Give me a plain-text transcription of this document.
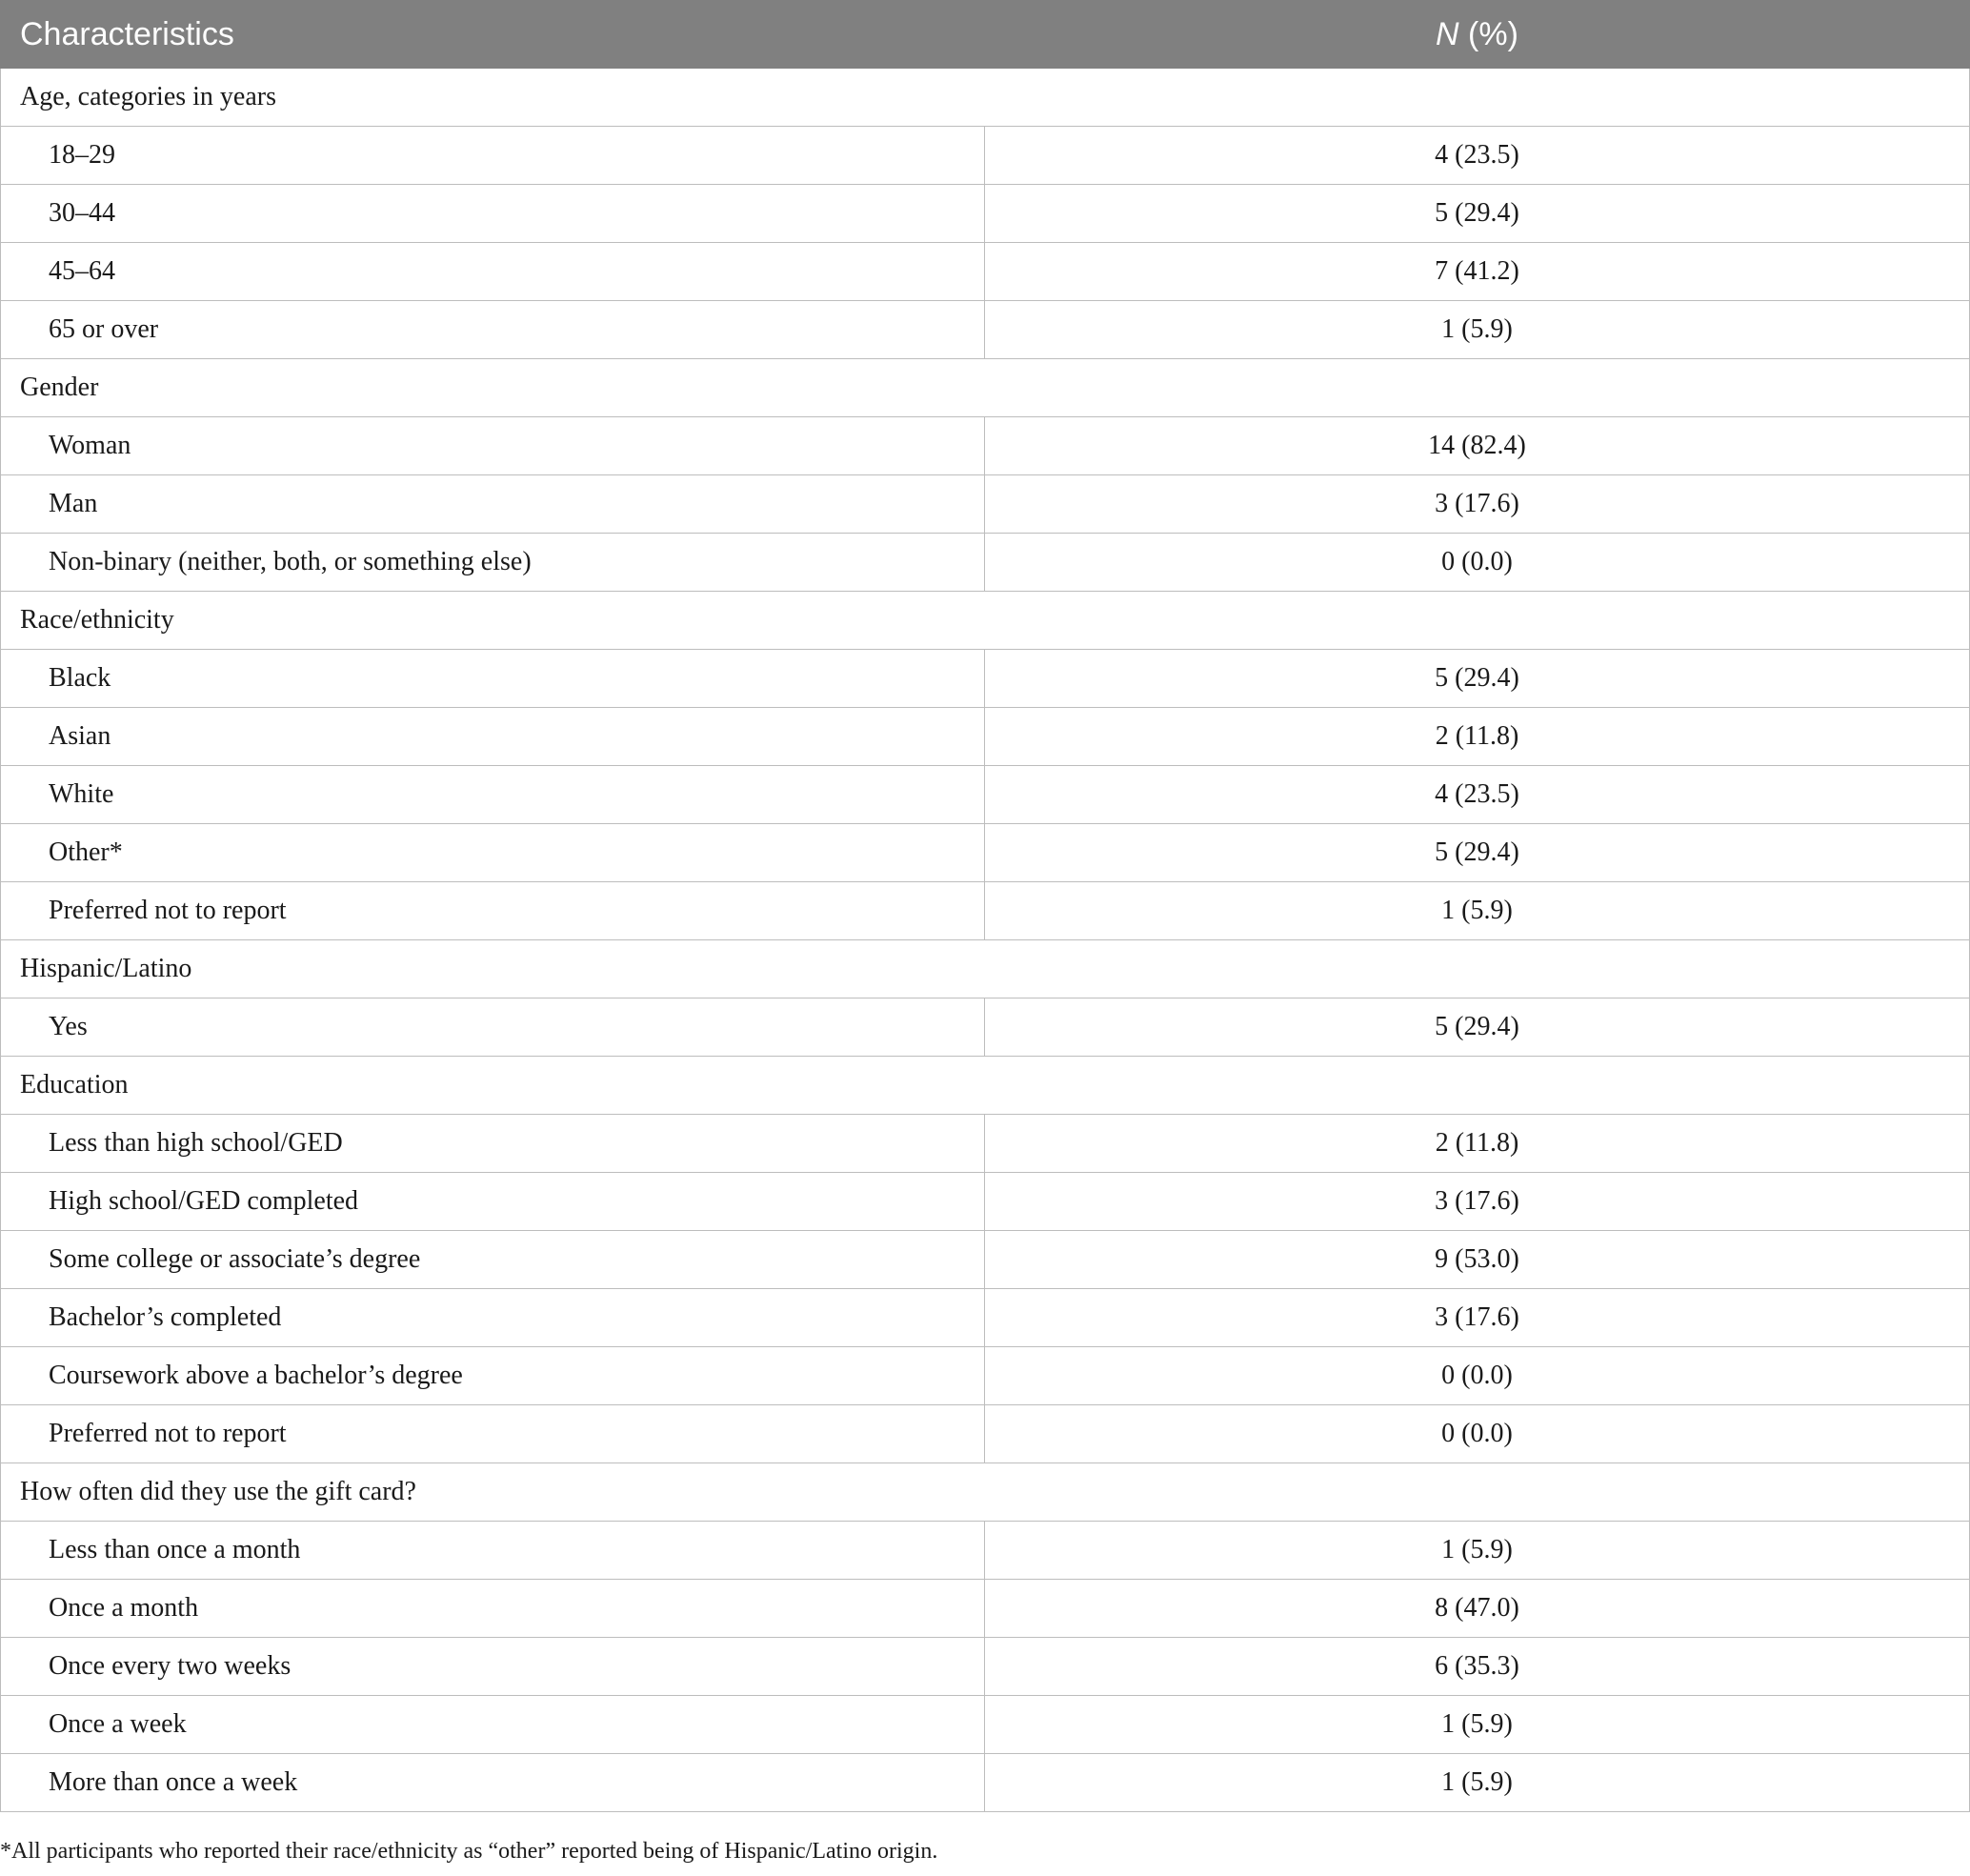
Characteristics	N (%)
Age, categories in years	
18–29	4 (23.5)
30–44	5 (29.4)
45–64	7 (41.2)
65 or over	1 (5.9)
Gender	
Woman	14 (82.4)
Man	3 (17.6)
Non-binary (neither, both, or something else)	0 (0.0)
Race/ethnicity	
Black	5 (29.4)
Asian	2 (11.8)
White	4 (23.5)
Other*	5 (29.4)
Preferred not to report	1 (5.9)
Hispanic/Latino	
Yes	5 (29.4)
Education	
Less than high school/GED	2 (11.8)
High school/GED completed	3 (17.6)
Some college or associate’s degree	9 (53.0)
Bachelor’s completed	3 (17.6)
Coursework above a bachelor’s degree	0 (0.0)
Preferred not to report	0 (0.0)
How often did they use the gift card?	
Less than once a month	1 (5.9)
Once a month	8 (47.0)
Once every two weeks	6 (35.3)
Once a week	1 (5.9)
More than once a week	1 (5.9)
*All participants who reported their race/ethnicity as “other” reported being of Hispanic/Latino origin.
